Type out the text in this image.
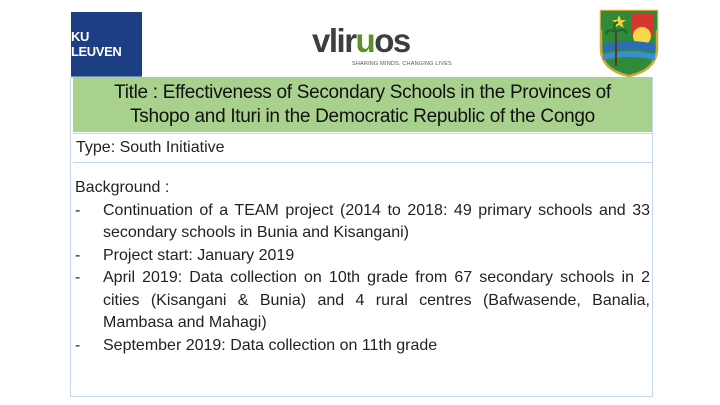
KU LEUVEN	vliruos
SHARING MINDS, CHANGING LIVES
Title : Effectiveness of Secondary Schools in the Provinces of
Tshopo and Ituri in the Democratic Republic of the Congo
Type: South Initiative

Background :

- Continuation of a TEAM project (2014 to 2018: 49 primary schools and 33 secondary schools in Bunia and Kisangani)
- Project start: January 2019
- April 2019: Data collection on 10th grade from 67 secondary schools in 2 cities (Kisangani & Bunia) and 4 rural centres (Bafwasende, Banalia, Mambasa and Mahagi)
- September 2019: Data collection on 11th grade
